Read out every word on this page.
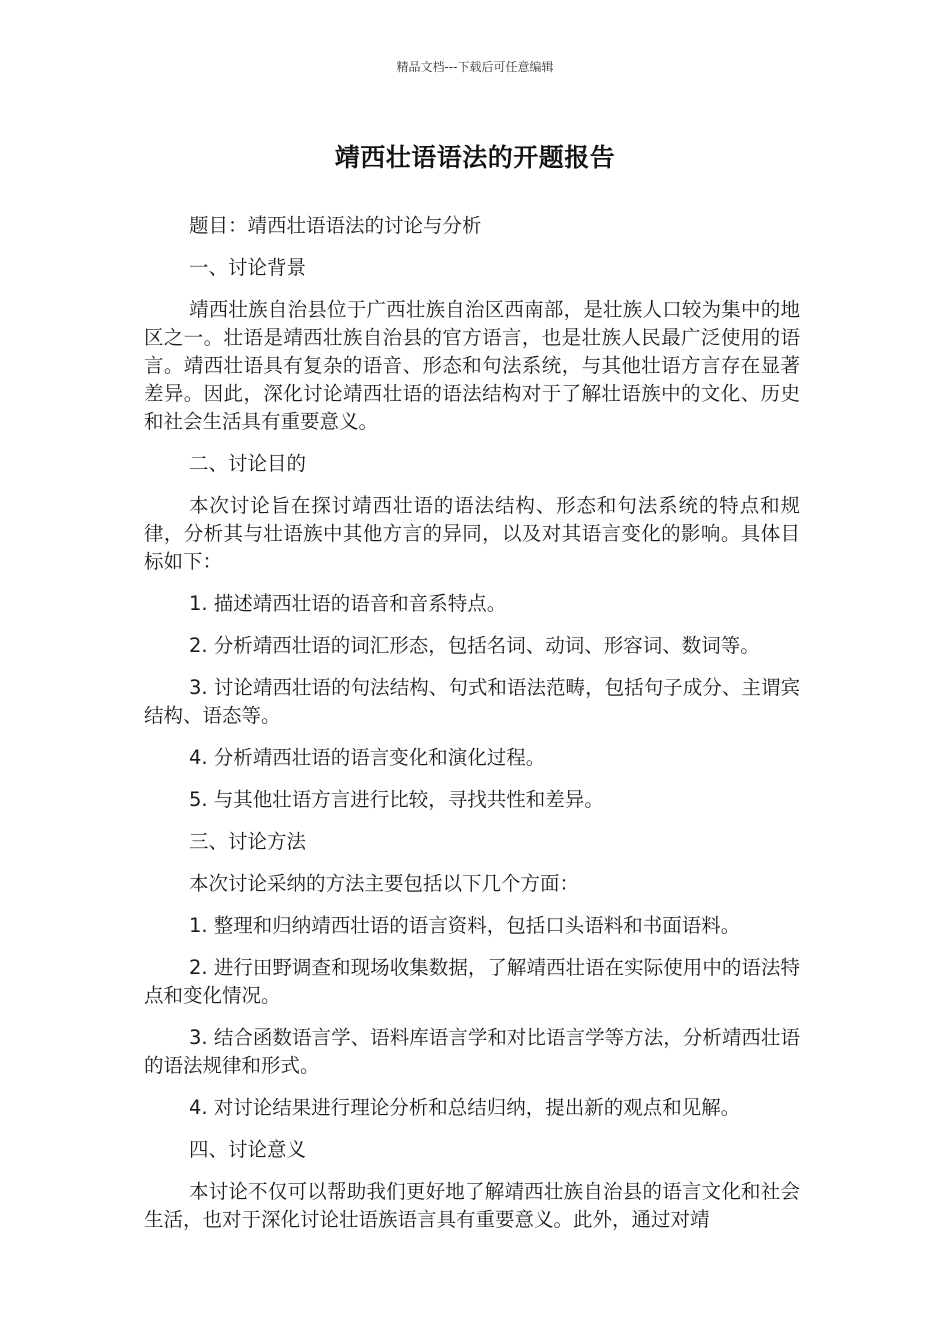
精品文档---下载后可任意编辑
靖西壮语语法的开题报告

题目：靖西壮语语法的讨论与分析

一、讨论背景

靖西壮族自治县位于广西壮族自治区西南部，是壮族人口较为集中的地区之一。壮语是靖西壮族自治县的官方语言，也是壮族人民最广泛使用的语言。靖西壮语具有复杂的语音、形态和句法系统，与其他壮语方言存在显著差异。因此，深化讨论靖西壮语的语法结构对于了解壮语族中的文化、历史和社会生活具有重要意义。

二、讨论目的

本次讨论旨在探讨靖西壮语的语法结构、形态和句法系统的特点和规律，分析其与壮语族中其他方言的异同，以及对其语言变化的影响。具体目标如下：

1. 描述靖西壮语的语音和音系特点。

2. 分析靖西壮语的词汇形态，包括名词、动词、形容词、数词等。

3. 讨论靖西壮语的句法结构、句式和语法范畴，包括句子成分、主谓宾结构、语态等。

4. 分析靖西壮语的语言变化和演化过程。

5. 与其他壮语方言进行比较，寻找共性和差异。

三、讨论方法

本次讨论采纳的方法主要包括以下几个方面：

1. 整理和归纳靖西壮语的语言资料，包括口头语料和书面语料。

2. 进行田野调查和现场收集数据，了解靖西壮语在实际使用中的语法特点和变化情况。

3. 结合函数语言学、语料库语言学和对比语言学等方法，分析靖西壮语的语法规律和形式。

4. 对讨论结果进行理论分析和总结归纳，提出新的观点和见解。

四、讨论意义

本讨论不仅可以帮助我们更好地了解靖西壮族自治县的语言文化和社会生活，也对于深化讨论壮语族语言具有重要意义。此外，通过对靖
